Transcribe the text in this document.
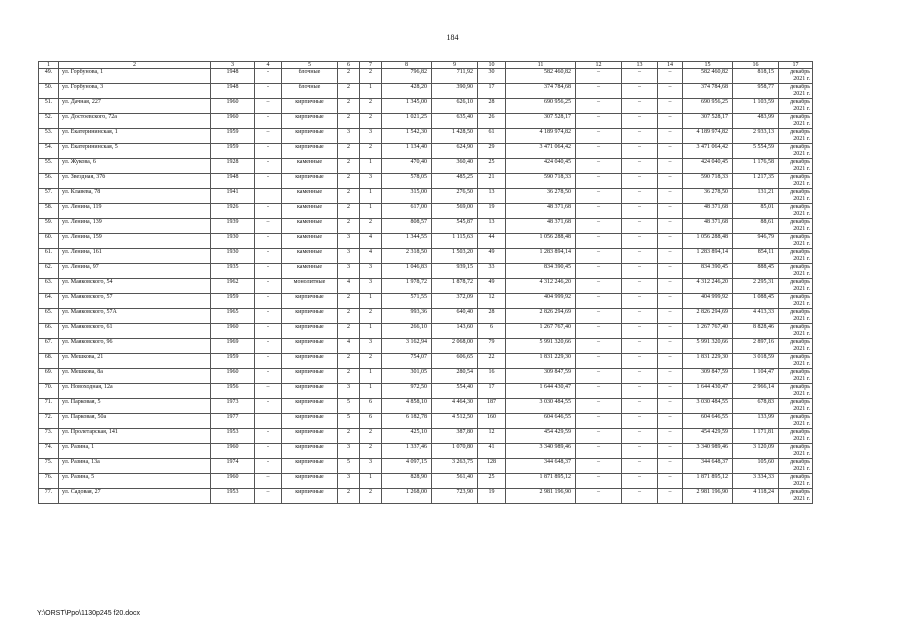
184
1	2	3	4	5	6	7	8	9	10	11	12	13	14	15	16	17
49.	ул. Горбунова, 1	1948	-	блочные	2	2	796,82	711,92	30	582 460,82	–	–	–	582 460,82	818,15	декабрь
2021 г.

50.	ул. Горбунова, 3	1948	-	блочные	2	1	428,20	390,90	17	374 784,68	–	–	–	374 784,68	958,77	декабрь
2021 г.

51.	ул. Дачная, 227	1960	–	кирпичные	2	2	1 345,00	626,10	28	690 956,25	–	–	–	690 956,25	1 103,59	декабрь
2021 г.

52.	ул. Достоевского, 72а	1960	-	кирпичные	2	2	1 021,25	635,40	26	307 528,17	–	–	–	307 528,17	483,99	декабрь
2021 г.

53.	ул. Екатерининская, 1	1959	–	кирпичные	3	3	1 542,30	1 428,50	61	4 189 974,82	–	–	–	4 189 974,82	2 933,13	декабрь
2021 г.

54.	ул. Екатерининская, 5	1959	-	кирпичные	2	2	1 134,40	624,90	29	3 471 064,42	–	–	–	3 471 064,42	5 554,59	декабрь
2021 г.

55.	ул. Жукова, 6	1928	-	каменные	2	1	470,40	360,40	25	424 040,45	–	–	–	424 040,45	1 176,58	декабрь
2021 г.

56.	ул. Звездная, 37б	1948	-	кирпичные	2	3	578,05	485,25	21	590 718,33	–	–	–	590 718,33	1 217,35	декабрь
2021 г.

57.	ул. Клавева, 78	1941		каменные	2	1	315,00	276,50	13	36 278,50	–	–	–	36 278,50	131,21	декабрь
2021 г.

58.	ул. Ленина, 119	1926	-	каменные	2	1	617,00	569,00	19	48 371,68	–	–	–	48 371,68	85,01	декабрь
2021 г.

59.	ул. Ленина, 139	1939	–	каменные	2	2	808,57	545,87	13	48 371,68	–	–	–	48 371,68	88,61	декабрь
2021 г.

60.	ул. Ленина, 159	1930	-	каменные	3	4	1 344,55	1 115,63	44	1 056 288,48	–	–	–	1 056 288,48	946,79	декабрь
2021 г.

61.	ул. Ленина, 161	1930	-	каменные	3	4	2 318,50	1 503,20	49	1 283 894,14	–	–	–	1 283 894,14	854,11	декабрь
2021 г.

62.	ул. Ленина, 97	1935	-	каменные	3	3	1 046,83	939,15	33	834 390,45	–	–	–	834 390,45	888,45	декабрь
2021 г.

63.	ул. Маяковского, 54	1962	-	монолитные	4	3	1 978,72	1 878,72	49	4 312 246,20	–	–	–	4 312 246,20	2 295,31	декабрь
2021 г.

64.	ул. Маяковского, 57	1959	-	кирпичные	2	1	571,55	372,09	12	404 999,92	–	–	–	404 999,92	1 088,45	декабрь
2021 г.

65.	ул. Маяковского, 57А	1965	-	кирпичные	2	2	993,36	640,40	28	2 826 294,69	–	–	–	2 826 294,69	4 413,33	декабрь
2021 г.

66.	ул. Маяковского, 61	1960	-	кирпичные	2	1	266,10	143,60	6	1 267 767,40	–	–	–	1 267 767,40	8 828,46	декабрь
2021 г.

67.	ул. Маяковского, 96	1969	-	кирпичные	4	3	3 162,94	2 068,00	79	5 991 320,66	–	–	–	5 991 320,66	2 897,16	декабрь
2021 г.

68.	ул. Мешкова, 21	1959	-	кирпичные	2	2	754,07	606,65	22	1 831 229,30	–	–	–	1 831 229,30	3 018,59	декабрь
2021 г.

69.	ул. Мешкова, 8а	1960	-	кирпичные	2	1	301,05	280,54	16	309 847,59	–	–	–	309 847,59	1 104,47	декабрь
2021 г.

70.	ул. Новоходная, 12а	1956	–	кирпичные	3	1	972,50	554,40	17	1 644 430,47	–	–	–	1 644 430,47	2 966,14	декабрь
2021 г.

71.	ул. Парковая, 5	1973	-	кирпичные	5	6	4 858,10	4 464,30	187	3 030 484,55	–	–	–	3 030 484,55	678,83	декабрь
2021 г.

72.	ул. Парковая, 50а	1977		кирпичные	5	6	6 182,78	4 512,50	160	604 646,55	–	–	–	604 646,55	133,99	декабрь
2021 г.

73.	ул. Пролетарская, 141	1953	-	кирпичные	2	2	425,10	387,80	12	454 429,59	–	–	–	454 429,59	1 171,81	декабрь
2021 г.

74.	ул. Разина, 1	1960	-	кирпичные	3	2	1 337,46	1 070,80	41	3 340 989,46	–	–	–	3 340 989,46	3 120,09	декабрь
2021 г.

75.	ул. Разина, 13а	1974	-	кирпичные	5	3	4 097,15	3 263,75	128	344 648,37	–	–	–	344 648,37	105,60	декабрь
2021 г.

76.	ул. Разина, 5	1960	–	кирпичные	3	1	828,90	561,40	25	1 871 895,12	–	–	–	1 871 895,12	3 334,33	декабрь
2021 г.

77.	ул. Садовая, 27	1953	–	кирпичные	2	2	1 268,00	723,90	19	2 981 196,90	–	–	–	2 981 196,90	4 118,24	декабрь
2021 г.
Y:\ORST\Ppo\1130p245 f20.docx
